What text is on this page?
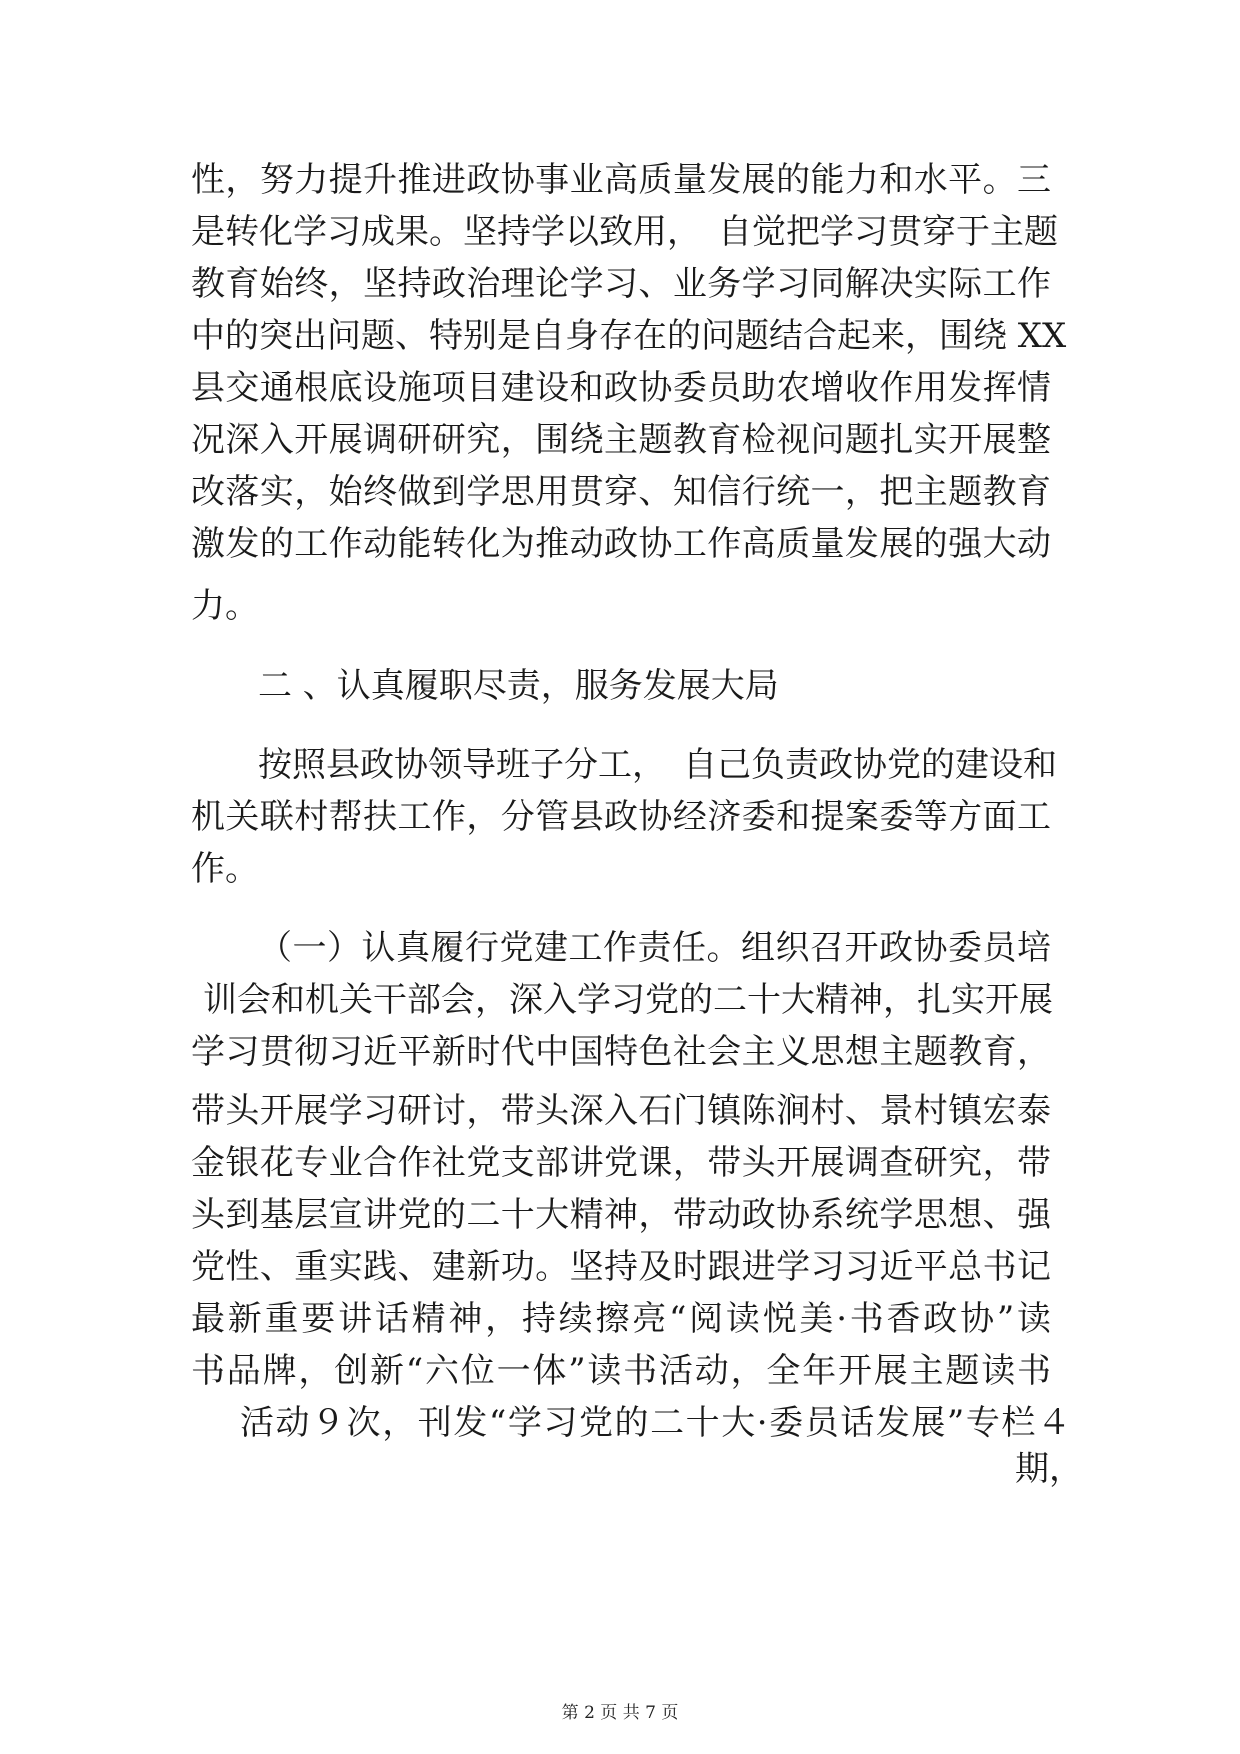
性，努力提升推进政协事业高质量发展的能力和水平。三
是转化学习成果。坚持学以致用，　自觉把学习贯穿于主题
教育始终，坚持政治理论学习、业务学习同解决实际工作
中的突出问题、特别是自身存在的问题结合起来，围绕 XX
县交通根底设施项目建设和政协委员助农增收作用发挥情
况深入开展调研研究，围绕主题教育检视问题扎实开展整
改落实，始终做到学思用贯穿、知信行统一，把主题教育
激发的工作动能转化为推动政协工作高质量发展的强大动
力。
二 、认真履职尽责，服务发展大局
按照县政协领导班子分工，　自己负责政协党的建设和
机关联村帮扶工作，分管县政协经济委和提案委等方面工
作。
（一）认真履行党建工作责任。组织召开政协委员培
训会和机关干部会，深入学习党的二十大精神，扎实开展
学习贯彻习近平新时代中国特色社会主义思想主题教育，
带头开展学习研讨，带头深入石门镇陈涧村、景村镇宏泰
金银花专业合作社党支部讲党课，带头开展调查研究，带
头到基层宣讲党的二十大精神，带动政协系统学思想、强
党性、重实践、建新功。坚持及时跟进学习习近平总书记
最新重要讲话精神，持续擦亮“阅读悦美·书香政协”读
书品牌，创新“六位一体”读书活动，全年开展主题读书
活动９次，刊发“学习党的二十大·委员话发展”专栏４
期，
第 2 页 共 7 页
